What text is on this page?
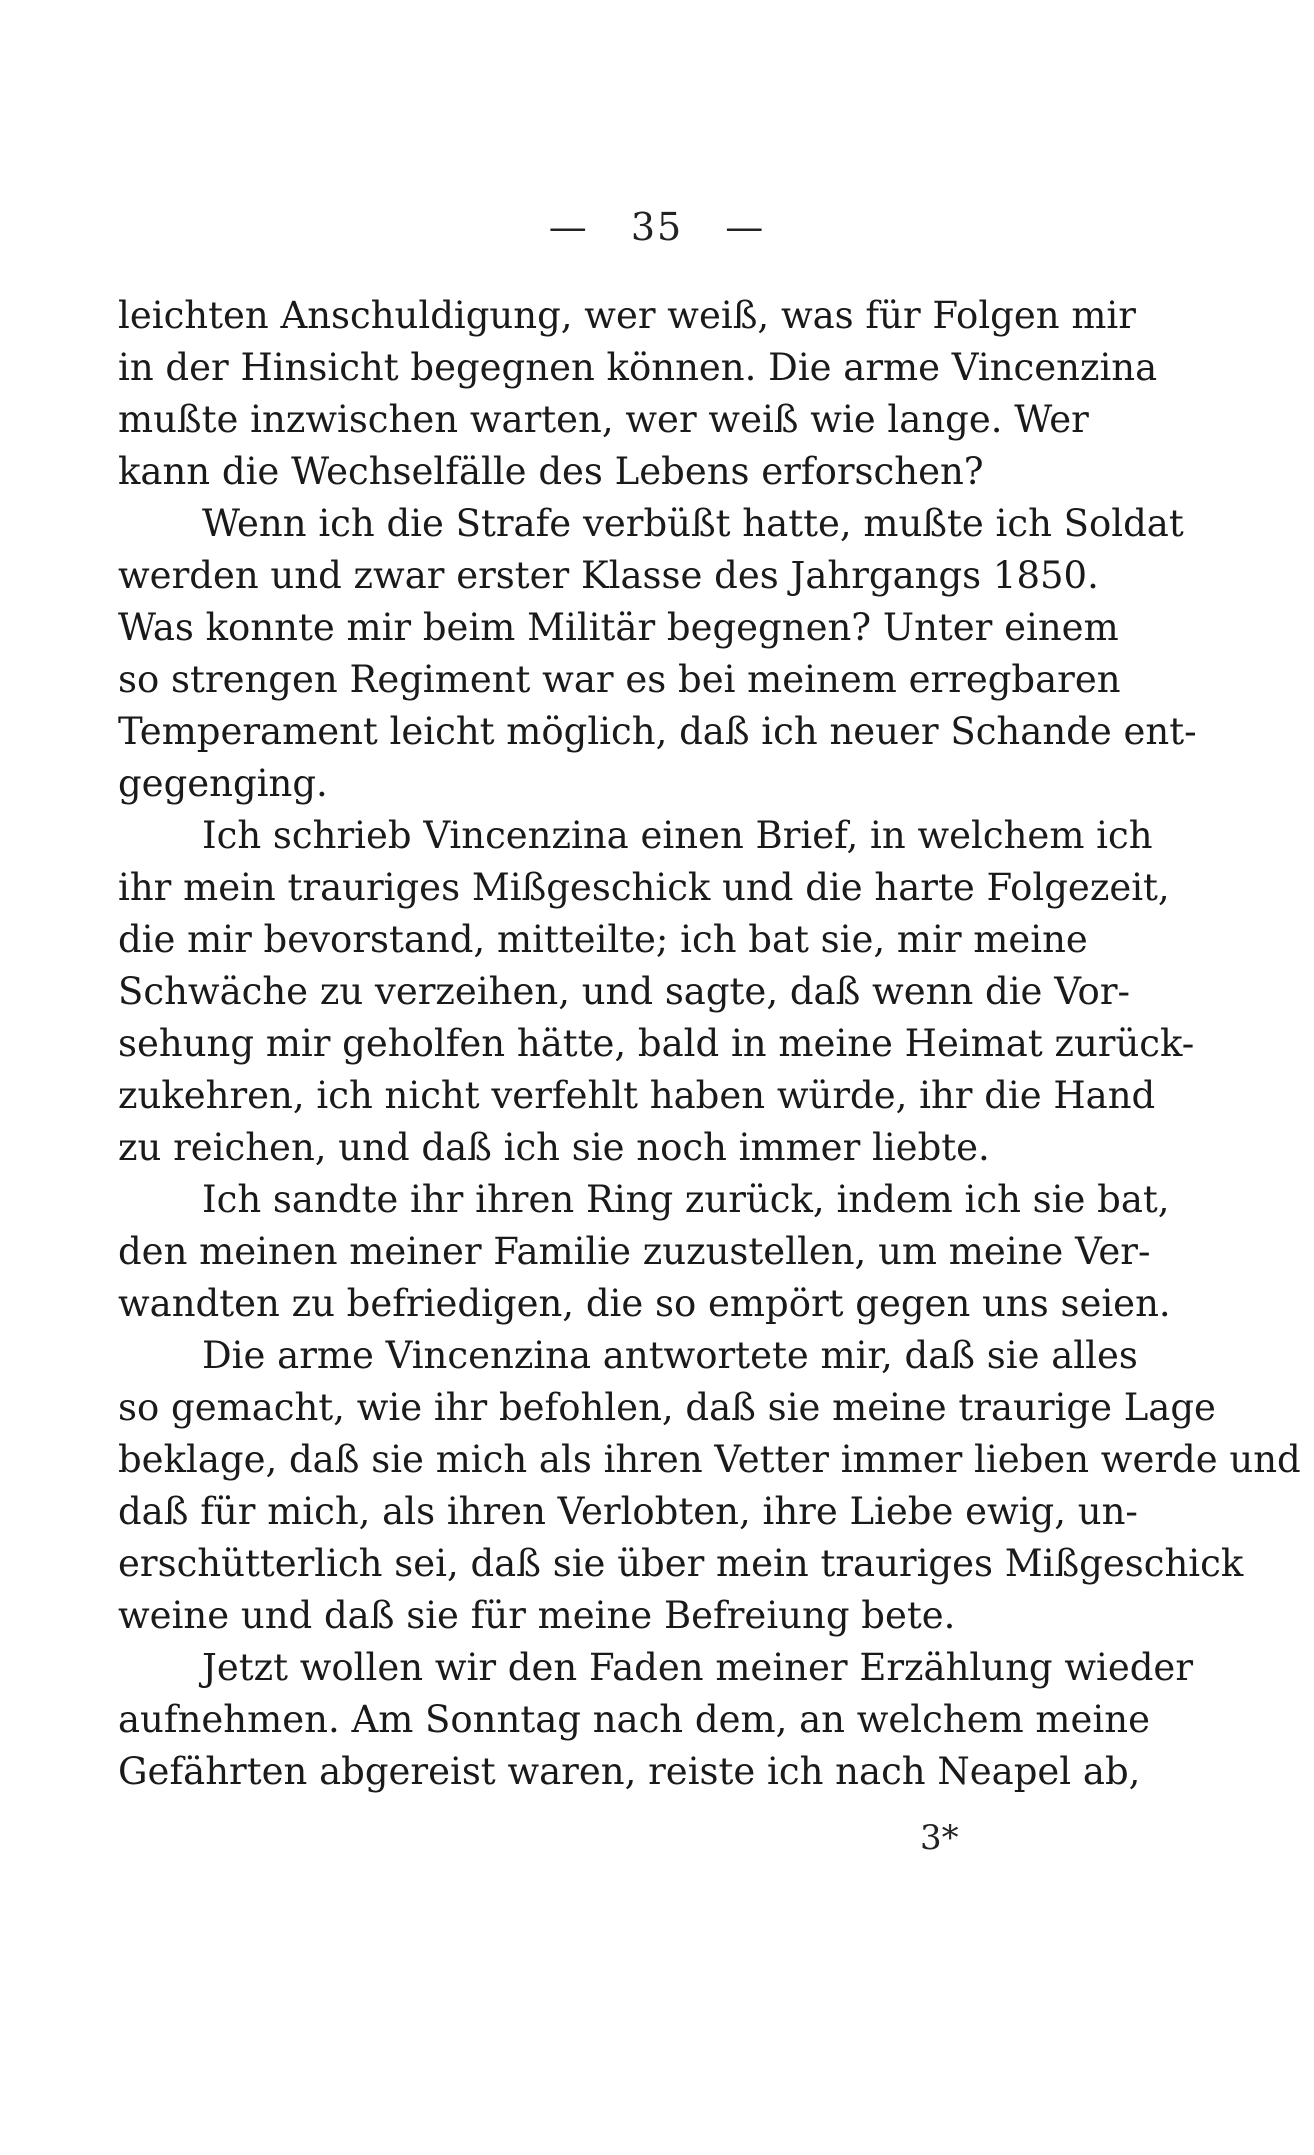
— 35 —
leichten Anschuldigung, wer weiß, was für Folgen mir
in der Hinsicht begegnen können. Die arme Vincenzina
mußte inzwischen warten, wer weiß wie lange. Wer
kann die Wechselfälle des Lebens erforschen?
Wenn ich die Strafe verbüßt hatte, mußte ich Soldat
werden und zwar erster Klasse des Jahrgangs 1850.
Was konnte mir beim Militär begegnen? Unter einem
so strengen Regiment war es bei meinem erregbaren
Temperament leicht möglich, daß ich neuer Schande ent-
gegenging.
Ich schrieb Vincenzina einen Brief, in welchem ich
ihr mein trauriges Mißgeschick und die harte Folgezeit,
die mir bevorstand, mitteilte; ich bat sie, mir meine
Schwäche zu verzeihen, und sagte, daß wenn die Vor-
sehung mir geholfen hätte, bald in meine Heimat zurück-
zukehren, ich nicht verfehlt haben würde, ihr die Hand
zu reichen, und daß ich sie noch immer liebte.
Ich sandte ihr ihren Ring zurück, indem ich sie bat,
den meinen meiner Familie zuzustellen, um meine Ver-
wandten zu befriedigen, die so empört gegen uns seien.
Die arme Vincenzina antwortete mir, daß sie alles
so gemacht, wie ihr befohlen, daß sie meine traurige Lage
beklage, daß sie mich als ihren Vetter immer lieben werde und
daß für mich, als ihren Verlobten, ihre Liebe ewig, un-
erschütterlich sei, daß sie über mein trauriges Mißgeschick
weine und daß sie für meine Befreiung bete.
Jetzt wollen wir den Faden meiner Erzählung wieder
aufnehmen. Am Sonntag nach dem, an welchem meine
Gefährten abgereist waren, reiste ich nach Neapel ab,
3*
